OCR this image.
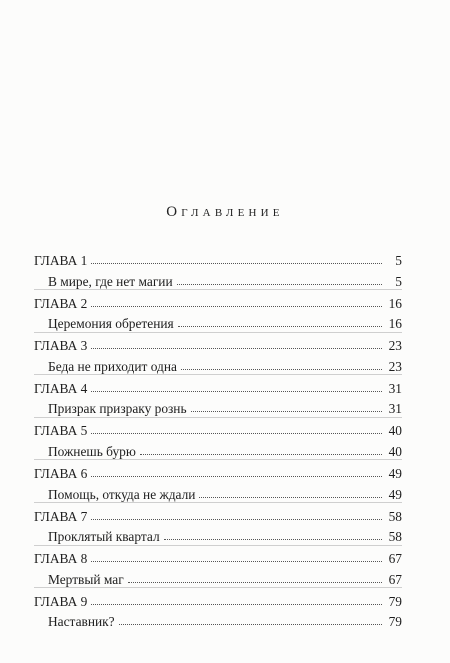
Оглавление
ГЛАВА 1	5
В мире, где нет магии	5
ГЛАВА 2	16
Церемония обретения	16
ГЛАВА 3	23
Беда не приходит одна	23
ГЛАВА 4	31
Призрак призраку рознь	31
ГЛАВА 5	40
Пожнешь бурю	40
ГЛАВА 6	49
Помощь, откуда не ждали	49
ГЛАВА 7	58
Проклятый квартал	58
ГЛАВА 8	67
Мертвый маг	67
ГЛАВА 9	79
Наставник?	79
